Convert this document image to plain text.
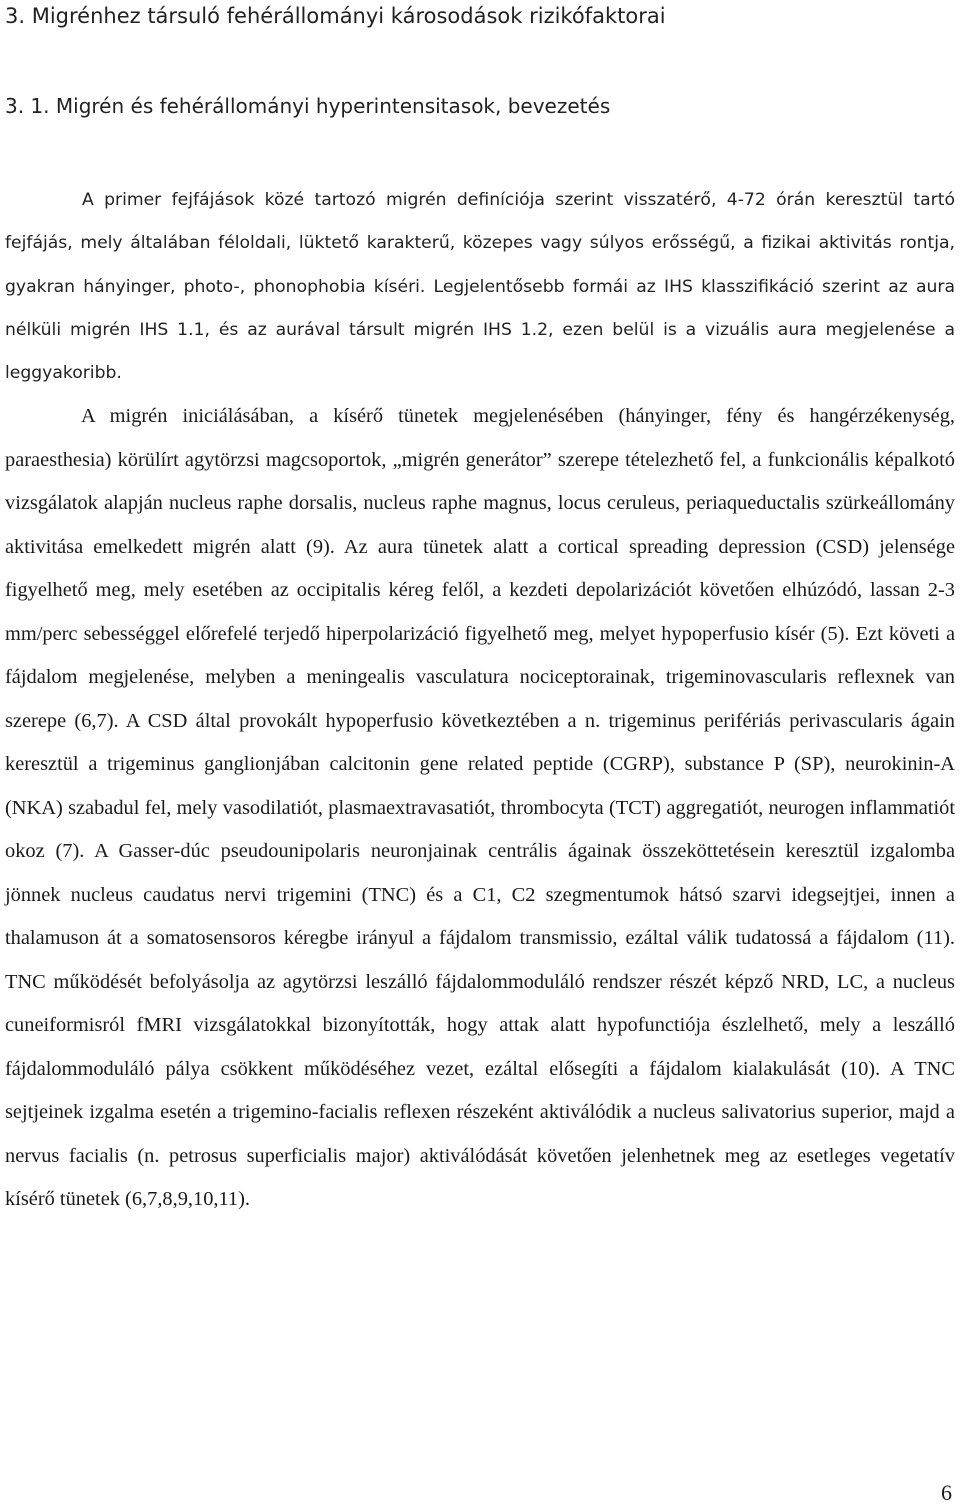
3. Migrénhez társuló fehérállományi károsodások rizikófaktorai
3. 1. Migrén és fehérállományi hyperintensitasok, bevezetés

A primer fejfájások közé tartozó migrén definíciója szerint visszatérő, 4-72 órán keresztül tartó fejfájás, mely általában féloldali, lüktető karakterű, közepes vagy súlyos erősségű, a fizikai aktivitás rontja, gyakran hányinger, photo-, phonophobia kíséri. Legjelentősebb formái az IHS klasszifikáció szerint az aura nélküli migrén IHS 1.1, és az aurával társult migrén IHS 1.2, ezen belül is a vizuális aura megjelenése a leggyakoribb.

A migrén iniciálásában, a kísérő tünetek megjelenésében (hányinger, fény és hangérzékenység, paraesthesia) körülírt agytörzsi magcsoportok, „migrén generátor” szerepe tételezhető fel, a funkcionális képalkotó vizsgálatok alapján nucleus raphe dorsalis, nucleus raphe magnus, locus ceruleus, periaqueductalis szürkeállomány aktivitása emelkedett migrén alatt (9). Az aura tünetek alatt a cortical spreading depression (CSD) jelensége figyelhető meg, mely esetében az occipitalis kéreg felől, a kezdeti depolarizációt követően elhúzódó, lassan 2-3 mm/perc sebességgel előrefelé terjedő hiperpolarizáció figyelhető meg, melyet hypoperfusio kísér (5). Ezt követi a fájdalom megjelenése, melyben a meningealis vasculatura nociceptorainak, trigeminovascularis reflexnek van szerepe (6,7). A CSD által provokált hypoperfusio következtében a n. trigeminus perifériás perivascularis ágain keresztül a trigeminus ganglionjában calcitonin gene related peptide (CGRP), substance P (SP), neurokinin-A (NKA) szabadul fel, mely vasodilatiót, plasmaextravasatiót, thrombocyta (TCT) aggregatiót, neurogen inflammatiót okoz (7). A Gasser-dúc pseudounipolaris neuronjainak centrális ágainak összeköttetésein keresztül izgalomba jönnek nucleus caudatus nervi trigemini (TNC) és a C1, C2 szegmentumok hátsó szarvi idegsejtjei, innen a thalamuson át a somatosensoros kéregbe irányul a fájdalom transmissio, ezáltal válik tudatossá a fájdalom (11). TNC működését befolyásolja az agytörzsi leszálló fájdalommoduláló rendszer részét képző NRD, LC, a nucleus cuneiformisról fMRI vizsgálatokkal bizonyították, hogy attak alatt hypofunctiója észlelhető, mely a leszálló fájdalommoduláló pálya csökkent működéséhez vezet, ezáltal elősegíti a fájdalom kialakulását (10). A TNC sejtjeinek izgalma esetén a trigemino-facialis reflexen részeként aktiválódik a nucleus salivatorius superior, majd a nervus facialis (n. petrosus superficialis major) aktiválódását követően jelenhetnek meg az esetleges vegetatív kísérő tünetek (6,7,8,9,10,11).

6
